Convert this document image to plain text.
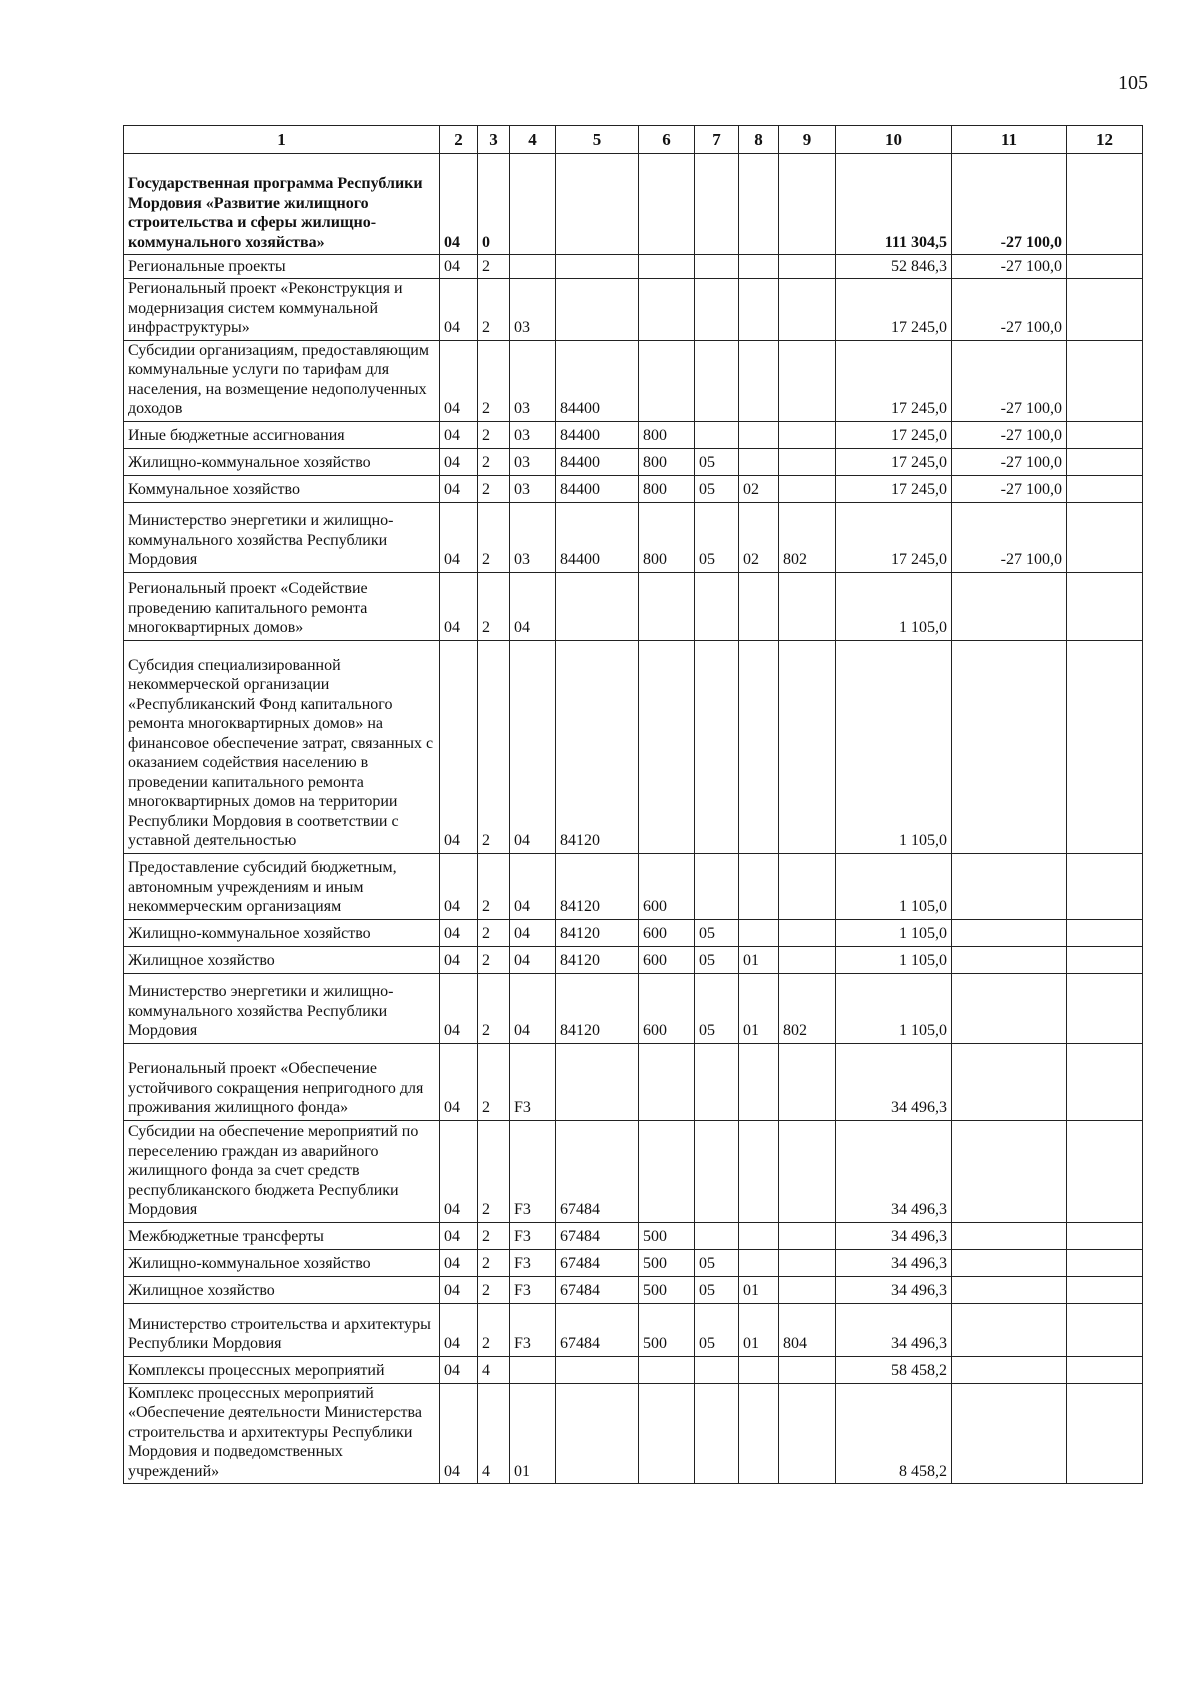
105
1	2	3	4	5	6	7	8	9	10	11	12
Государственная программа Республики Мордовия «Развитие жилищного строительства и сферы жилищно-коммунального хозяйства»	04	0							111 304,5	-27 100,0	
Региональные проекты	04	2							52 846,3	-27 100,0	
Региональный проект «Реконструкция и модернизация систем коммунальной инфраструктуры»	04	2	03						17 245,0	-27 100,0	
Субсидии организациям, предоставляющим коммунальные услуги по тарифам для населения, на возмещение недополученных доходов	04	2	03	84400					17 245,0	-27 100,0	
Иные бюджетные ассигнования	04	2	03	84400	800				17 245,0	-27 100,0	
Жилищно-коммунальное хозяйство	04	2	03	84400	800	05			17 245,0	-27 100,0	
Коммунальное хозяйство	04	2	03	84400	800	05	02		17 245,0	-27 100,0	
Министерство энергетики и жилищно-коммунального хозяйства Республики Мордовия	04	2	03	84400	800	05	02	802	17 245,0	-27 100,0	
Региональный проект «Содействие проведению капитального ремонта многоквартирных домов»	04	2	04						1 105,0		
Субсидия специализированной некоммерческой организации «Республиканский Фонд капитального ремонта многоквартирных домов» на финансовое обеспечение затрат, связанных с оказанием содействия населению в проведении капитального ремонта многоквартирных домов на территории Республики Мордовия в соответствии с уставной деятельностью	04	2	04	84120					1 105,0		
Предоставление субсидий бюджетным, автономным учреждениям и иным некоммерческим организациям	04	2	04	84120	600				1 105,0		
Жилищно-коммунальное хозяйство	04	2	04	84120	600	05			1 105,0		
Жилищное хозяйство	04	2	04	84120	600	05	01		1 105,0		
Министерство энергетики и жилищно-коммунального хозяйства Республики Мордовия	04	2	04	84120	600	05	01	802	1 105,0		
Региональный проект «Обеспечение устойчивого сокращения непригодного для проживания жилищного фонда»	04	2	F3						34 496,3		
Субсидии на обеспечение мероприятий по переселению граждан из аварийного жилищного фонда за счет средств республиканского бюджета Республики Мордовия	04	2	F3	67484					34 496,3		
Межбюджетные трансферты	04	2	F3	67484	500				34 496,3		
Жилищно-коммунальное хозяйство	04	2	F3	67484	500	05			34 496,3		
Жилищное хозяйство	04	2	F3	67484	500	05	01		34 496,3		
Министерство строительства и архитектуры Республики Мордовия	04	2	F3	67484	500	05	01	804	34 496,3		
Комплексы процессных мероприятий	04	4							58 458,2		
Комплекс процессных мероприятий «Обеспечение деятельности Министерства строительства и архитектуры Республики Мордовия и подведомственных учреждений»	04	4	01						8 458,2		
